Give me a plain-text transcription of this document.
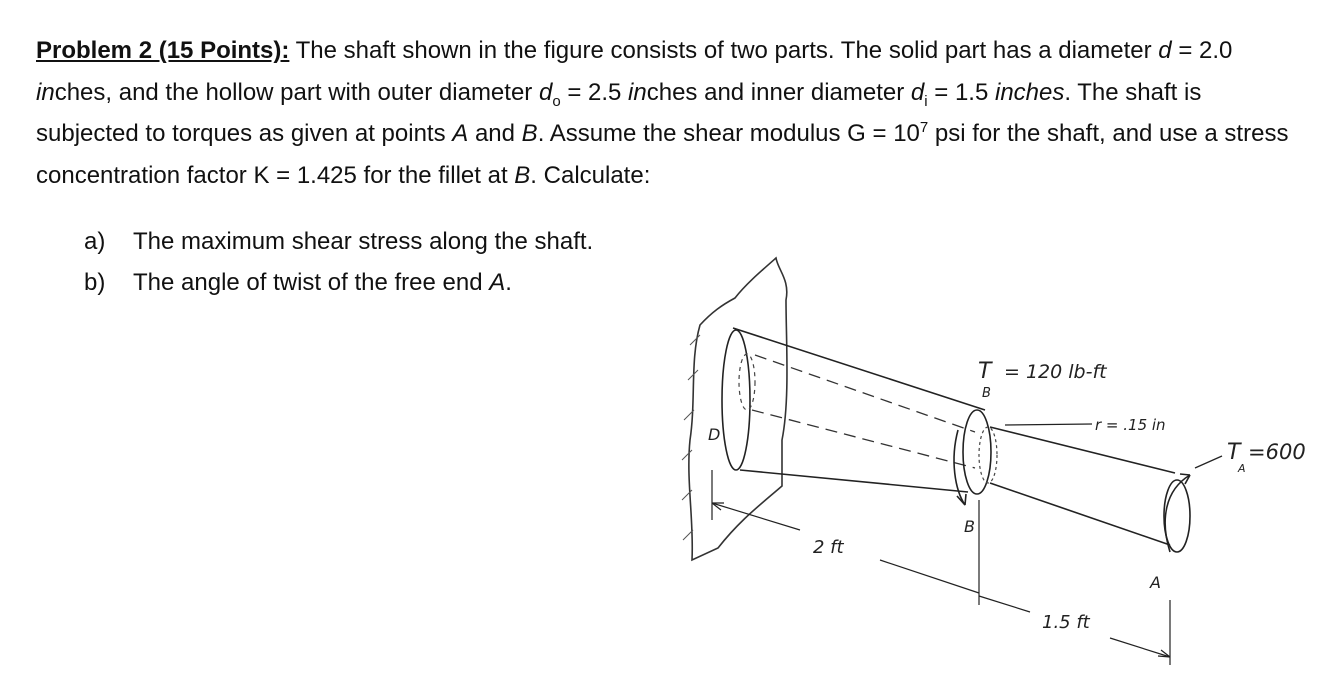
Problem 2 (15 Points): The shaft shown in the figure consists of two parts. The solid part has a diameter d = 2.0 inches, and the hollow part with outer diameter $d_o = 2.5$ inches and inner diameter $d_i = 1.5$ inches. The shaft is subjected to torques as given at points A and B. Assume the shear modulus $G = 10^7$ psi for the shaft, and use a stress concentration factor K = 1.425 for the fillet at B. Calculate:
a)	The maximum shear stress along the shaft.
b)	The angle of twist of the free end A.
D
T
B
= 120 lb-ft
r = .15 in
T
A
=600
B
A
2 ft
1.5 ft
